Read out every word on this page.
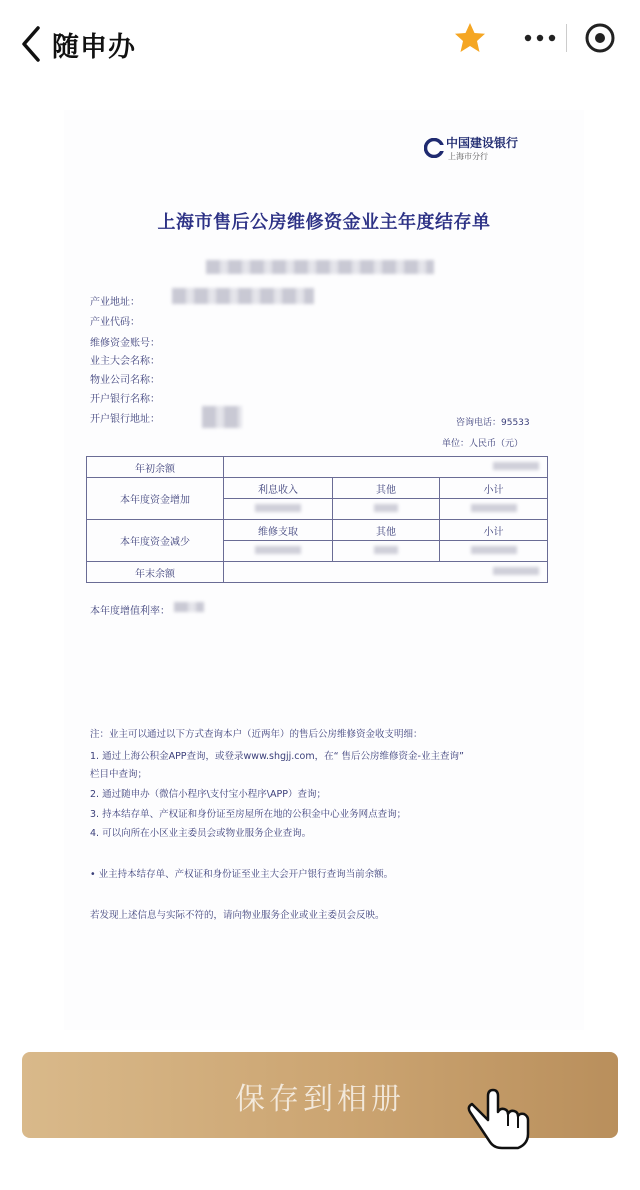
随申办
中国建设银行
上海市分行
上海市售后公房维修资金业主年度结存单
产业地址：
产业代码：
维修资金账号：
业主大会名称：
物业公司名称：
开户银行名称：
开户银行地址：	咨询电话：95533
单位：人民币（元）
年初余额			
本年度资金增加	利息收入	其他	小计

本年度资金减少	维修支取	其他	小计

年末余额			
本年度增值利率：
注：业主可以通过以下方式查询本户（近两年）的售后公房维修资金收支明细：
1. 通过上海公积金APP查询，或登录www.shgjj.com，在“ 售后公房维修资金-业主查询”
栏目中查询；
2. 通过随申办（微信小程序\支付宝小程序\APP）查询；
3. 持本结存单、产权证和身份证至房屋所在地的公积金中心业务网点查询；
4. 可以向所在小区业主委员会或物业服务企业查询。
• 业主持本结存单、产权证和身份证至业主大会开户银行查询当前余额。
若发现上述信息与实际不符的，请向物业服务企业或业主委员会反映。
保存到相册
